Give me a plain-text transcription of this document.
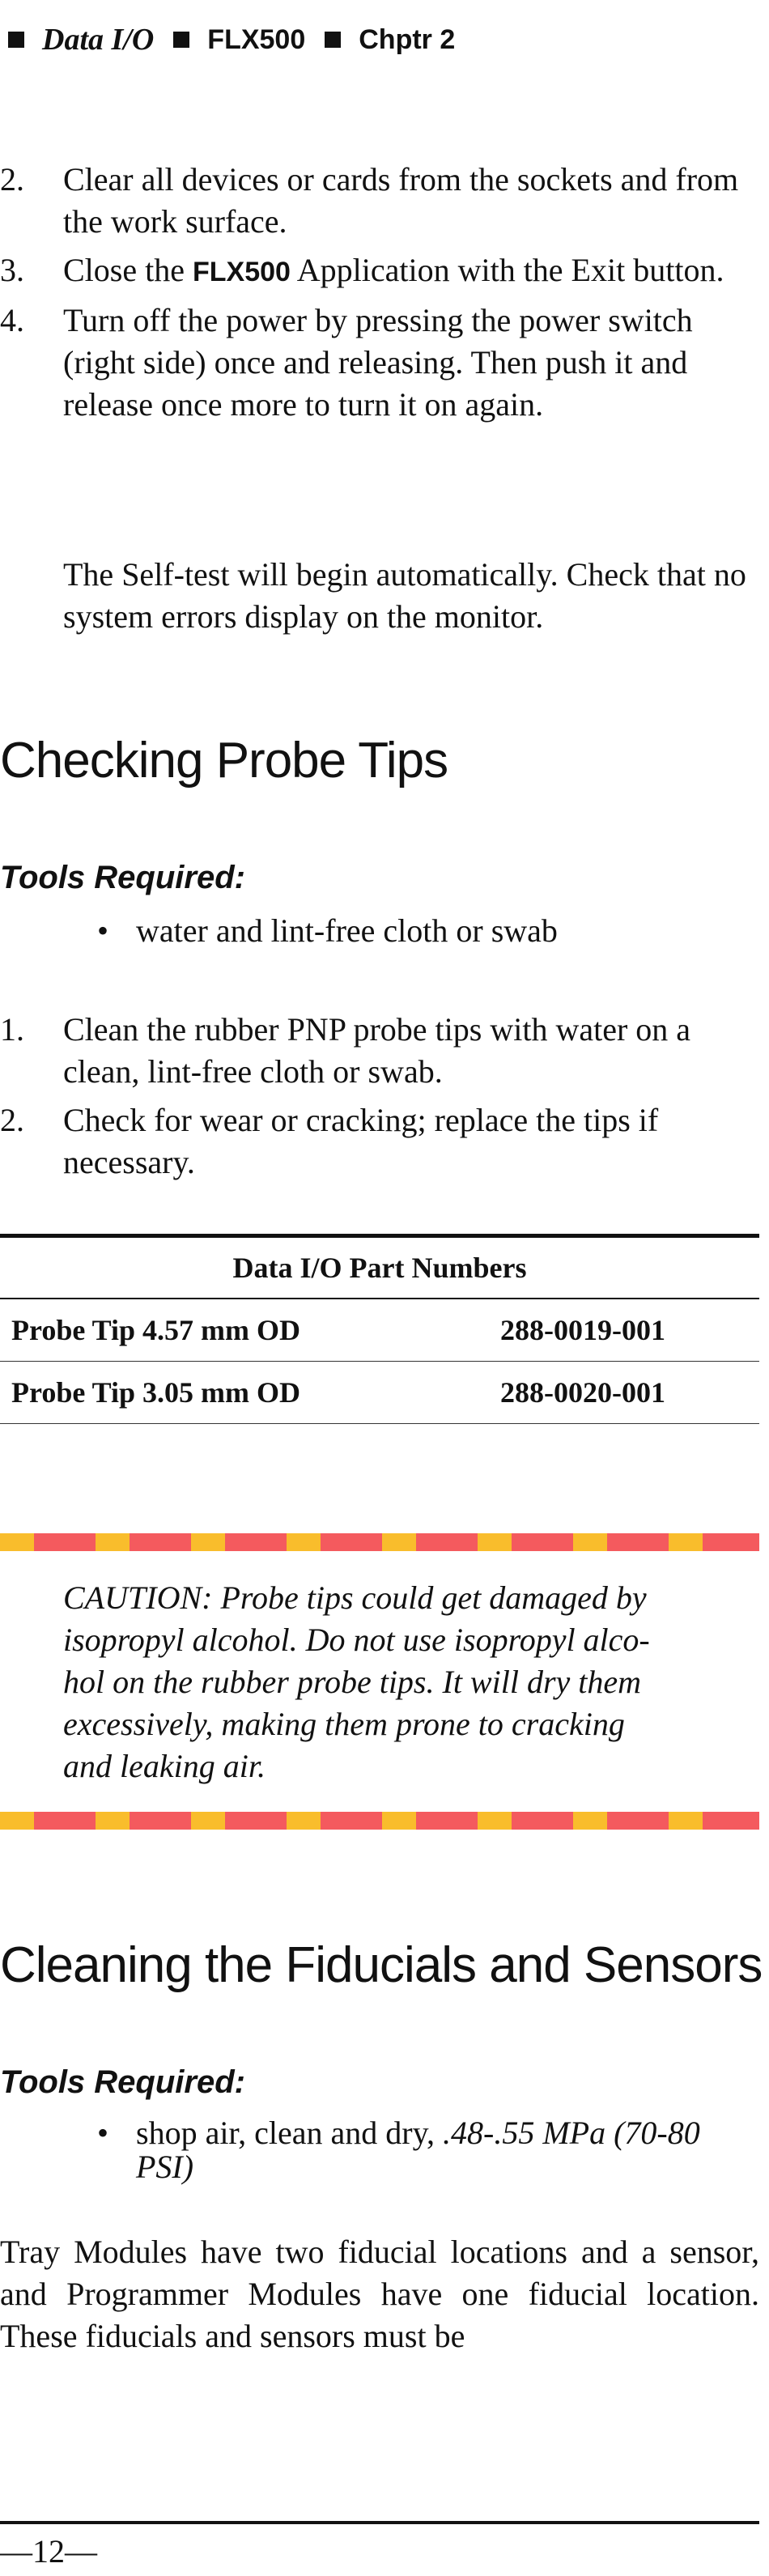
Data I/O FLX500 Chptr 2
2. Clear all devices or cards from the sockets and from the work surface.
3. Close the FLX500 Application with the Exit button.
4. Turn off the power by pressing the power switch (right side) once and releasing. Then push it and release once more to turn it on again.

The Self-test will begin automatically. Check that no system errors display on the monitor.

Checking Probe Tips
Tools Required:
• water and lint-free cloth or swab
1. Clean the rubber PNP probe tips with water on a clean, lint-free cloth or swab.
2. Check for wear or cracking; replace the tips if necessary.
Data I/O Part Numbers	
Probe Tip 4.57 mm OD	288-0019-001
Probe Tip 3.05 mm OD	288-0020-001

CAUTION: Probe tips could get damaged by
isopropyl alcohol. Do not use isopropyl alco-
hol on the rubber probe tips. It will dry them
excessively, making them prone to cracking
and leaking air.

Cleaning the Fiducials and Sensors
Tools Required:
• shop air, clean and dry, .48-.55 MPa (70-80 PSI)

Tray Modules have two fiducial locations and a sensor, and Programmer Modules have one fiducial location. These fiducials and sensors must be

—12—
